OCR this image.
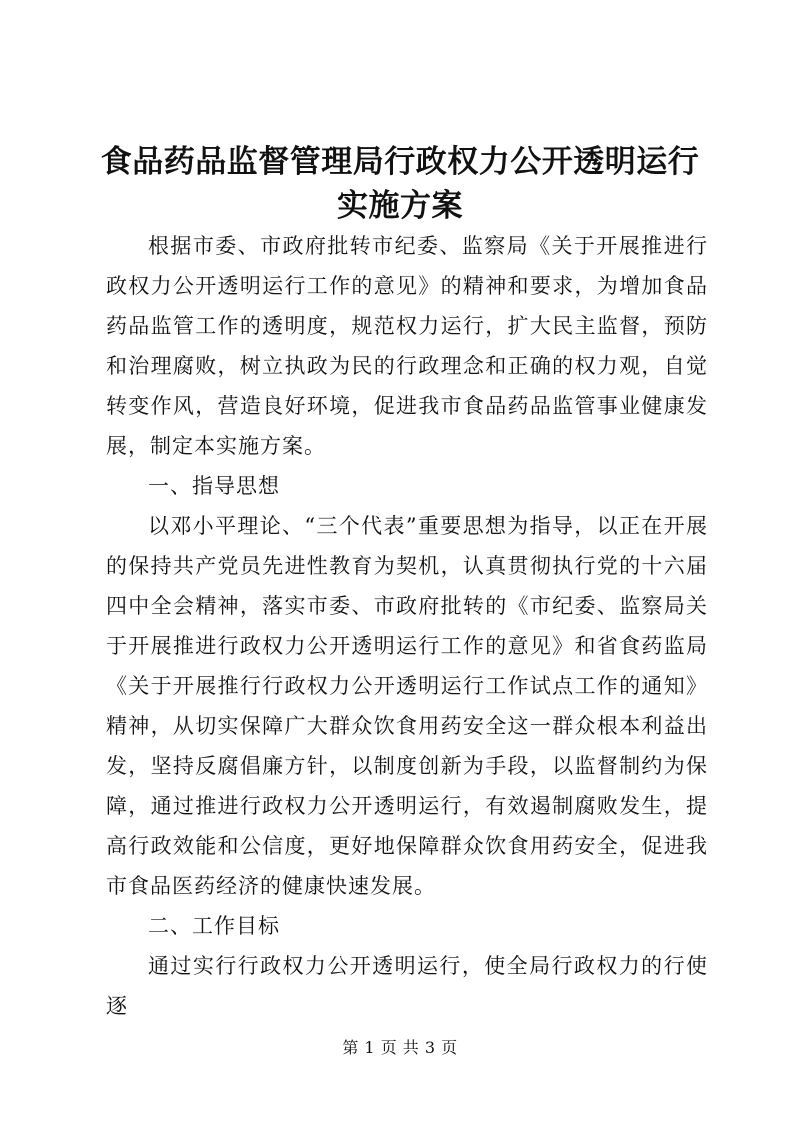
食品药品监督管理局行政权力公开透明运行实施方案

根据市委、市政府批转市纪委、监察局《关于开展推进行政权力公开透明运行工作的意见》的精神和要求，为增加食品药品监管工作的透明度，规范权力运行，扩大民主监督，预防和治理腐败，树立执政为民的行政理念和正确的权力观，自觉转变作风，营造良好环境，促进我市食品药品监管事业健康发展，制定本实施方案。

一、指导思想

以邓小平理论、“三个代表”重要思想为指导，以正在开展的保持共产党员先进性教育为契机，认真贯彻执行党的十六届四中全会精神，落实市委、市政府批转的《市纪委、监察局关于开展推进行政权力公开透明运行工作的意见》和省食药监局《关于开展推行行政权力公开透明运行工作试点工作的通知》精神，从切实保障广大群众饮食用药安全这一群众根本利益出发，坚持反腐倡廉方针，以制度创新为手段，以监督制约为保障，通过推进行政权力公开透明运行，有效遏制腐败发生，提高行政效能和公信度，更好地保障群众饮食用药安全，促进我市食品医药经济的健康快速发展。

二、工作目标

通过实行行政权力公开透明运行，使全局行政权力的行使逐

第 1 页 共 3 页
